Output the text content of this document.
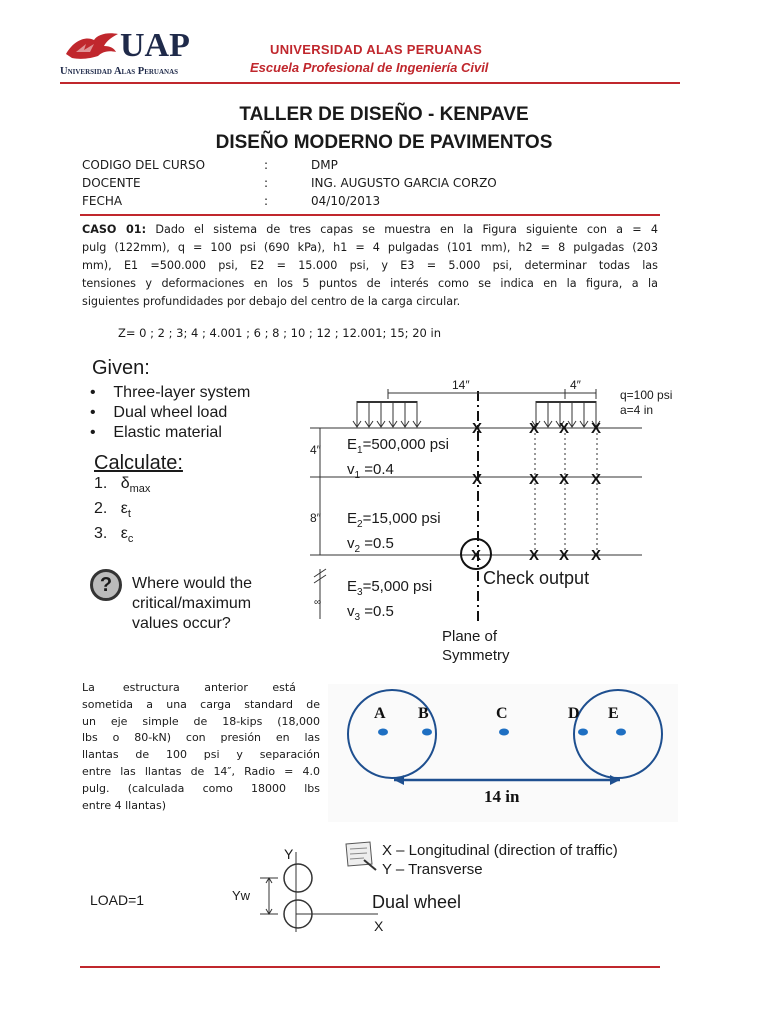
UAP
Universidad Alas Peruanas
UNIVERSIDAD ALAS PERUANAS
Escuela Profesional de Ingeniería Civil
TALLER DE DISEÑO - KENPAVE
DISEÑO MODERNO DE PAVIMENTOS
CODIGO DEL CURSO	:	DMP
DOCENTE	:	ING. AUGUSTO GARCIA CORZO
FECHA	:	04/10/2013
CASO 01: Dado el sistema de tres capas se muestra en la Figura siguiente con a = 4
pulg (122mm), q = 100 psi (690 kPa), h1 = 4 pulgadas (101 mm), h2 = 8 pulgadas (203
mm), E1 =500.000 psi, E2 = 15.000 psi, y E3 = 5.000 psi, determinar todas las
tensiones y deformaciones en los 5 puntos de interés como se indica en la figura, a la
siguientes profundidades por debajo del centro de la carga circular.
Z= 0 ; 2 ; 3; 4 ; 4.001 ; 6 ; 8 ; 10 ; 12 ; 12.001; 15; 20 in
Given:
•    Three-layer system
•    Dual wheel load
•    Elastic material
Calculate:
1. $\delta_{max}$
2. $\varepsilon_t$
3. $\varepsilon_c$
?	Where would the
critical/maximum
values occur?
X	X X X
X	X X X
X	X X X
14″	4″
q=100 psi
a=4 in
4″
8″
∞
$E_1=500,000$ psi
$v_1 =0.4$
$E_2=15,000$ psi
$v_2 =0.5$
$E_3=5,000$ psi
$v_3 =0.5$
Check output
Plane of
Symmetry
La        estructura       anterior       está
sometida a una carga standard de
un eje simple de 18-kips (18,000
lbs o 80-kN) con presión en las
llantas de 100 psi y separación
entre las llantas de 14″, Radio = 4.0
pulg. (calculada como 18000 lbs
entre 4 llantas)
A B	C	D E
14 in
LOAD=1
Y
Yw
X
X – Longitudinal (direction of traffic)
Y – Transverse
Dual wheel
